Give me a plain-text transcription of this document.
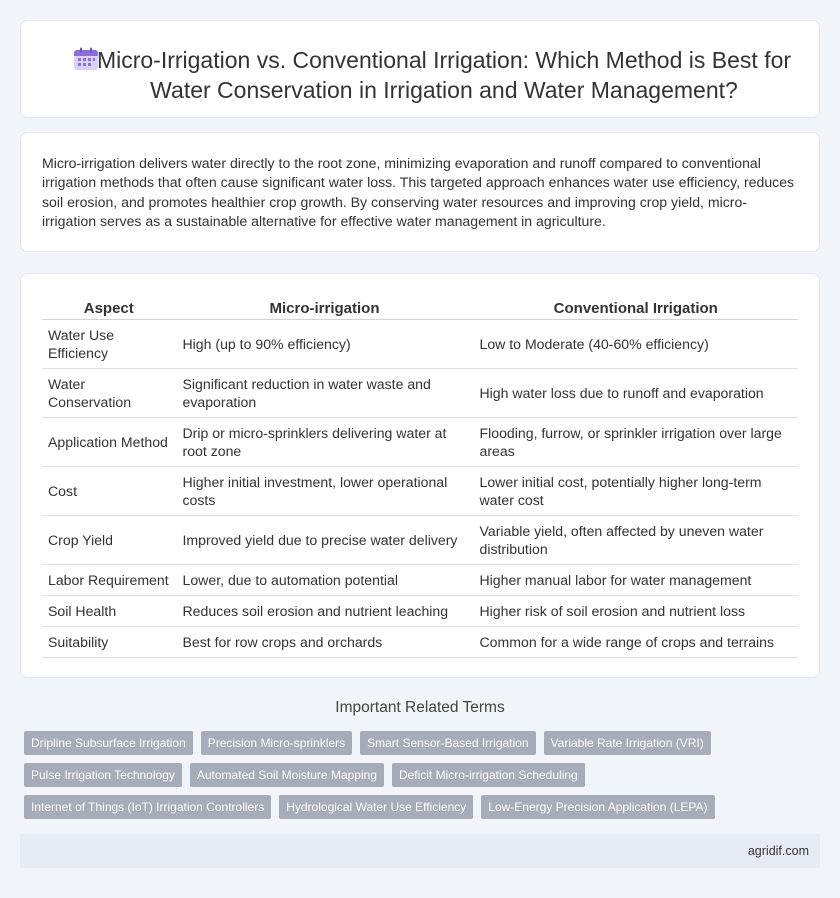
Micro-Irrigation vs. Conventional Irrigation: Which Method is Best for Water Conservation in Irrigation and Water Management?

Micro-irrigation delivers water directly to the root zone, minimizing evaporation and runoff compared to conventional irrigation methods that often cause significant water loss. This targeted approach enhances water use efficiency, reduces soil erosion, and promotes healthier crop growth. By conserving water resources and improving crop yield, micro-irrigation serves as a sustainable alternative for effective water management in agriculture.

Aspect	Micro-irrigation	Conventional Irrigation
Water Use Efficiency	High (up to 90% efficiency)	Low to Moderate (40-60% efficiency)
Water Conservation	Significant reduction in water waste and evaporation	High water loss due to runoff and evaporation
Application Method	Drip or micro-sprinklers delivering water at root zone	Flooding, furrow, or sprinkler irrigation over large areas
Cost	Higher initial investment, lower operational costs	Lower initial cost, potentially higher long-term water cost
Crop Yield	Improved yield due to precise water delivery	Variable yield, often affected by uneven water distribution
Labor Requirement	Lower, due to automation potential	Higher manual labor for water management
Soil Health	Reduces soil erosion and nutrient leaching	Higher risk of soil erosion and nutrient loss
Suitability	Best for row crops and orchards	Common for a wide range of crops and terrains
Important Related Terms
Dripline Subsurface Irrigation	Precision Micro-sprinklers	Smart Sensor-Based Irrigation	Variable Rate Irrigation (VRI)
Pulse Irrigation Technology	Automated Soil Moisture Mapping	Deficit Micro-irrigation Scheduling
Internet of Things (IoT) Irrigation Controllers	Hydrological Water Use Efficiency	Low-Energy Precision Application (LEPA)
agridif.com
